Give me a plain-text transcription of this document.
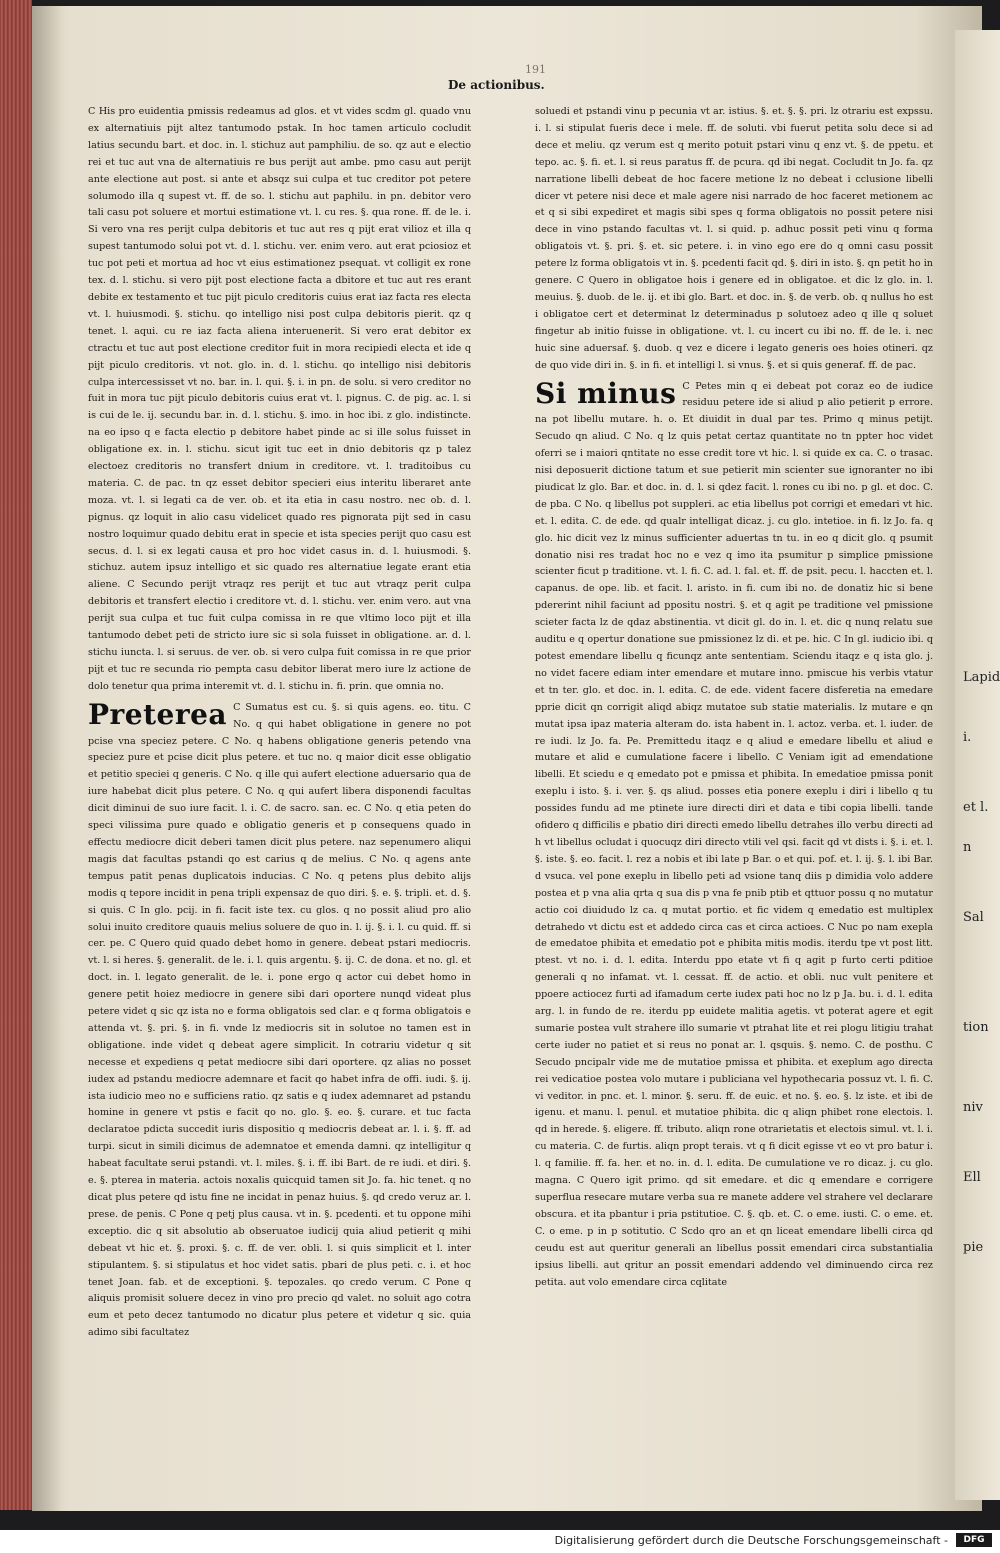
Lapid
i.
et l.
n
Sal
tion
niv
Ell
pie
191
De actionibus.

C His pro euidentia pmissis redeamus ad glos. et vt vides scdm gl. quado vnu ex alternatiuis pijt altez tantumodo pstak. In hoc tamen articulo cocludit latius secundu bart. et doc. in. l. stichuz aut pamphiliu. de so. qz aut e electio rei et tuc aut vna de alternatiuis re bus perijt aut ambe. pmo casu aut perijt ante electione aut post. si ante et absqz sui culpa et tuc creditor pot petere solumodo illa q supest vt. ff. de so. l. stichu aut paphilu. in pn. debitor vero tali casu pot soluere et mortui estimatione vt. l. cu res. §. qua rone. ff. de le. i. Si vero vna res perijt culpa debitoris et tuc aut res q pijt erat vilioz et illa q supest tantumodo solui pot vt. d. l. stichu. ver. enim vero. aut erat pciosioz et tuc pot peti et mortua ad hoc vt eius estimationez psequat. vt colligit ex rone tex. d. l. stichu. si vero pijt post electione facta a dbitore et tuc aut res erant debite ex testamento et tuc pijt piculo creditoris cuius erat iaz facta res electa vt. l. huiusmodi. §. stichu. qo intelligo nisi post culpa debitoris pierit. qz q tenet. l. aqui. cu re iaz facta aliena interuenerit. Si vero erat debitor ex ctractu et tuc aut post electione creditor fuit in mora recipiedi electa et ide q pijt piculo creditoris. vt not. glo. in. d. l. stichu. qo intelligo nisi debitoris culpa intercessisset vt no. bar. in. l. qui. §. i. in pn. de solu. si vero creditor no fuit in mora tuc pijt piculo debitoris cuius erat vt. l. pignus. C. de pig. ac. l. si is cui de le. ij. secundu bar. in. d. l. stichu. §. imo. in hoc ibi. z glo. indistincte. na eo ipso q e facta electio p debitore habet pinde ac si ille solus fuisset in obligatione ex. in. l. stichu. sicut igit tuc eet in dnio debitoris qz p talez electoez creditoris no transfert dnium in creditore. vt. l. traditoibus cu materia. C. de pac. tn qz esset debitor specieri eius interitu liberaret ante moza. vt. l. si legati ca de ver. ob. et ita etia in casu nostro. nec ob. d. l. pignus. qz loquit in alio casu videlicet quado res pignorata pijt sed in casu nostro loquimur quado debitu erat in specie et ista species perijt quo casu est secus. d. l. si ex legati causa et pro hoc videt casus in. d. l. huiusmodi. §. stichuz. autem ipsuz intelligo et sic quado res alternatiue legate erant etia aliene. C Secundo perijt vtraqz res perijt et tuc aut vtraqz perit culpa debitoris et transfert electio i creditore vt. d. l. stichu. ver. enim vero. aut vna perijt sua culpa et tuc fuit culpa comissa in re que vltimo loco pijt et illa tantumodo debet peti de stricto iure sic si sola fuisset in obligatione. ar. d. l. stichu iuncta. l. si seruus. de ver. ob. si vero culpa fuit comissa in re que prior pijt et tuc re secunda rio pempta casu debitor liberat mero iure lz actione de dolo tenetur qua prima interemit vt. d. l. stichu in. fi. prin. que omnia no.

Preterea C Sumatus est cu. §. si quis agens. eo. titu. C No. q qui habet obligatione in genere no pot pcise vna speciez petere. C No. q habens obligatione generis petendo vna speciez pure et pcise dicit plus petere. et tuc no. q maior dicit esse obligatio et petitio speciei q generis. C No. q ille qui aufert electione aduersario qua de iure habebat dicit plus petere. C No. q qui aufert libera disponendi facultas dicit diminui de suo iure facit. l. i. C. de sacro. san. ec. C No. q etia peten do speci vilissima pure quado e obligatio generis et p consequens quado in effectu mediocre dicit deberi tamen dicit plus petere. naz sepenumero aliqui magis dat facultas pstandi qo est carius q de melius. C No. q agens ante tempus patit penas duplicatois inducias. C No. q petens plus debito alijs modis q tepore incidit in pena tripli expensaz de quo diri. §. e. §. tripli. et. d. §. si quis. C In glo. pcij. in fi. facit iste tex. cu glos. q no possit aliud pro alio solui inuito creditore quauis melius soluere de quo in. l. ij. §. i. l. cu quid. ff. si cer. pe. C Quero quid quado debet homo in genere. debeat pstari mediocris. vt. l. si heres. §. generalit. de le. i. l. quis argentu. §. ij. C. de dona. et no. gl. et doct. in. l. legato generalit. de le. i. pone ergo q actor cui debet homo in genere petit hoiez mediocre in genere sibi dari oportere nunqd videat plus petere videt q sic qz ista no e forma obligatois sed clar. e q forma obligatois e attenda vt. §. pri. §. in fi. vnde lz mediocris sit in solutoe no tamen est in obligatione. inde videt q debeat agere simplicit. In cotrariu videtur q sit necesse et expediens q petat mediocre sibi dari oportere. qz alias no posset iudex ad pstandu mediocre ademnare et facit qo habet infra de offi. iudi. §. ij. ista iudicio meo no e sufficiens ratio. qz satis e q iudex ademnaret ad pstandu homine in genere vt pstis e facit qo no. glo. §. eo. §. curare. et tuc facta declaratoe pdicta succedit iuris dispositio q mediocris debeat ar. l. i. §. ff. ad turpi. sicut in simili dicimus de ademnatoe et emenda damni. qz intelligitur q habeat facultate serui pstandi. vt. l. miles. §. i. ff. ibi Bart. de re iudi. et diri. §. e. §. pterea in materia. actois noxalis quicquid tamen sit Jo. fa. hic tenet. q no dicat plus petere qd istu fine ne incidat in penaz huius. §. qd credo veruz ar. l. prese. de penis. C Pone q petj plus causa. vt in. §. pcedenti. et tu oppone mihi exceptio. dic q sit absolutio ab obseruatoe iudicij quia aliud petierit q mihi debeat vt hic et. §. proxi. §. c. ff. de ver. obli. l. si quis simplicit et l. inter stipulantem. §. si stipulatus et hoc videt satis. pbari de plus peti. c. i. et hoc tenet Joan. fab. et de exceptioni. §. tepozales. qo credo verum. C Pone q aliquis promisit soluere decez in vino pro precio qd valet. no soluit ago cotra eum et peto decez tantumodo no dicatur plus petere et videtur q sic. quia adimo sibi facultatez

soluedi et pstandi vinu p pecunia vt ar. istius. §. et. §. §. pri. lz otrariu est expssu. i. l. si stipulat fueris dece i mele. ff. de soluti. vbi fuerut petita solu dece si ad dece et meliu. qz verum est q merito potuit pstari vinu q enz vt. §. de ppetu. et tepo. ac. §. fi. et. l. si reus paratus ff. de pcura. qd ibi negat. Cocludit tn Jo. fa. qz narratione libelli debeat de hoc facere metione lz no debeat i cclusione libelli dicer vt petere nisi dece et male agere nisi narrado de hoc faceret metionem ac et q si sibi expediret et magis sibi spes q forma obligatois no possit petere nisi dece in vino pstando facultas vt. l. si quid. p. adhuc possit peti vinu q forma obligatois vt. §. pri. §. et. sic petere. i. in vino ego ere do q omni casu possit petere lz forma obligatois vt in. §. pcedenti facit qd. §. diri in isto. §. qn petit ho in genere. C Quero in obligatoe hois i genere ed in obligatoe. et dic lz glo. in. l. meuius. §. duob. de le. ij. et ibi glo. Bart. et doc. in. §. de verb. ob. q nullus ho est i obligatoe cert et determinat lz determinadus p solutoez adeo q ille q soluet fingetur ab initio fuisse in obligatione. vt. l. cu incert cu ibi no. ff. de le. i. nec huic sine aduersaf. §. duob. q vez e dicere i legato generis oes hoies otineri. qz de quo vide diri in. §. in fi. et intelligi l. si vnus. §. et si quis generaf. ff. de pac.

Si minus C Petes min q ei debeat pot coraz eo de iudice residuu petere ide si aliud p alio petierit p errore. na pot libellu mutare. h. o. Et diuidit in dual par tes. Primo q minus petijt. Secudo qn aliud. C No. q lz quis petat certaz quantitate no tn ppter hoc videt oferri se i maiori qntitate no esse credit tore vt hic. l. si quide ex ca. C. o trasac. nisi deposuerit dictione tatum et sue petierit min scienter sue ignoranter no ibi piudicat lz glo. Bar. et doc. in. d. l. si qdez facit. l. rones cu ibi no. p gl. et doc. C. de pba. C No. q libellus pot suppleri. ac etia libellus pot corrigi et emedari vt hic. et. l. edita. C. de ede. qd qualr intelligat dicaz. j. cu glo. intetioe. in fi. lz Jo. fa. q glo. hic dicit vez lz minus sufficienter aduertas tn tu. in eo q dicit glo. q psumit donatio nisi res tradat hoc no e vez q imo ita psumitur p simplice pmissione scienter ficut p traditione. vt. l. fi. C. ad. l. fal. et. ff. de psit. pecu. l. haccten et. l. capanus. de ope. lib. et facit. l. aristo. in fi. cum ibi no. de donatiz hic si bene pdererint nihil faciunt ad ppositu nostri. §. et q agit pe traditione vel pmissione scieter facta lz de qdaz abstinentia. vt dicit gl. do in. l. et. dic q nunq relatu sue auditu e q opertur donatione sue pmissionez lz di. et pe. hic. C In gl. iudicio ibi. q potest emendare libellu q ficunqz ante sententiam. Sciendu itaqz e q ista glo. j. no videt facere ediam inter emendare et mutare inno. pmiscue his verbis vtatur et tn ter. glo. et doc. in. l. edita. C. de ede. vident facere disferetia na emedare pprie dicit qn corrigit aliqd abiqz mutatoe sub statie materialis. lz mutare e qn mutat ipsa ipaz materia alteram do. ista habent in. l. actoz. verba. et. l. iuder. de re iudi. lz Jo. fa. Pe. Premittedu itaqz e q aliud e emedare libellu et aliud e mutare et alid e cumulatione facere i libello. C Veniam igit ad emendatione libelli. Et sciedu e q emedato pot e pmissa et phibita. In emedatioe pmissa ponit exeplu i isto. §. i. ver. §. qs aliud. posses etia ponere exeplu i diri i libello q tu possides fundu ad me ptinete iure directi diri et data e tibi copia libelli. tande ofidero q difficilis e pbatio diri directi emedo libellu detrahes illo verbu directi ad h vt libellus ocludat i quocuqz diri directo vtili vel qsi. facit qd vt dists i. §. i. et. l. §. iste. §. eo. facit. l. rez a nobis et ibi late p Bar. o et qui. pof. et. l. ij. §. l. ibi Bar. d vsuca. vel pone exeplu in libello peti ad vsione tanq diis p dimidia volo addere postea et p vna alia qrta q sua dis p vna fe pnib ptib et qttuor possu q no mutatur actio coi diuidudo lz ca. q mutat portio. et fic videm q emedatio est multiplex detrahedo vt dictu est et addedo circa cas et circa actioes. C Nuc po nam exepla de emedatoe phibita et emedatio pot e phibita mitis modis. iterdu tpe vt post litt. ptest. vt no. i. d. l. edita. Interdu ppo etate vt fi q agit p furto certi pditioe generali q no infamat. vt. l. cessat. ff. de actio. et obli. nuc vult penitere et ppoere actiocez furti ad ifamadum certe iudex pati hoc no lz p Ja. bu. i. d. l. edita arg. l. in fundo de re. iterdu pp euidete malitia agetis. vt poterat agere et egit sumarie postea vult strahere illo sumarie vt ptrahat lite et rei plogu litigiu trahat certe iuder no patiet et si reus no ponat ar. l. qsquis. §. nemo. C. de posthu. C Secudo pncipalr vide me de mutatioe pmissa et phibita. et exeplum ago directa rei vedicatioe postea volo mutare i publiciana vel hypothecaria possuz vt. l. fi. C. vi veditor. in pnc. et. l. minor. §. seru. ff. de euic. et no. §. eo. §. lz iste. et ibi de igenu. et manu. l. penul. et mutatioe phibita. dic q aliqn phibet rone electois. l. qd in herede. §. eligere. ff. tributo. aliqn rone otrarietatis et electois simul. vt. l. i. cu materia. C. de furtis. aliqn propt terais. vt q fi dicit egisse vt eo vt pro batur i. l. q familie. ff. fa. her. et no. in. d. l. edita. De cumulatione ve ro dicaz. j. cu glo. magna. C Quero igit primo. qd sit emedare. et dic q emendare e corrigere superflua resecare mutare verba sua re manete addere vel strahere vel declarare obscura. et ita pbantur i pria pstitutioe. C. §. qb. et. C. o eme. iusti. C. o eme. et. C. o eme. p in p sotitutio. C Scdo qro an et qn liceat emendare libelli circa qd ceudu est aut queritur generali an libellus possit emendari circa substantialia ipsius libelli. aut qritur an possit emendari addendo vel diminuendo circa rez petita. aut volo emendare circa cqlitate
Digitalisierung gefördert durch die Deutsche Forschungsgemeinschaft -	DFG
